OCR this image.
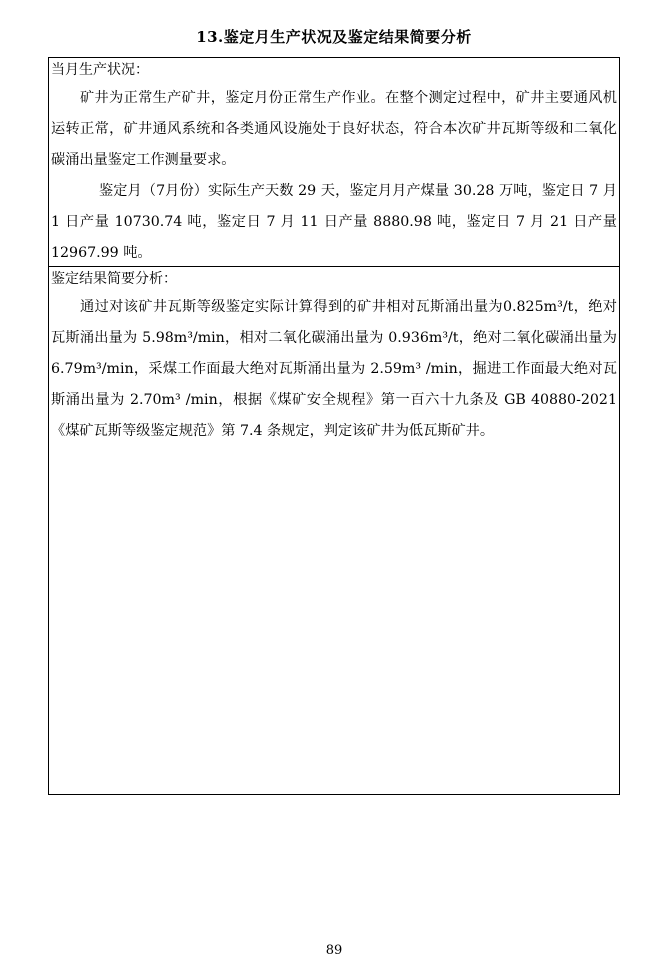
13.鉴定月生产状况及鉴定结果简要分析
当月生产状况：

矿井为正常生产矿井，鉴定月份正常生产作业。在整个测定过程中，矿井主要通风机运转正常，矿井通风系统和各类通风设施处于良好状态，符合本次矿井瓦斯等级和二氧化碳涌出量鉴定工作测量要求。

鉴定月（7月份）实际生产天数 29 天，鉴定月月产煤量 30.28 万吨，鉴定日 7 月 1 日产量 10730.74 吨，鉴定日 7 月 11 日产量 8880.98 吨，鉴定日 7 月 21 日产量 12967.99 吨。

鉴定结果简要分析：

通过对该矿井瓦斯等级鉴定实际计算得到的矿井相对瓦斯涌出量为0.825m³/t，绝对瓦斯涌出量为 5.98m³/min，相对二氧化碳涌出量为 0.936m³/t，绝对二氧化碳涌出量为 6.79m³/min，采煤工作面最大绝对瓦斯涌出量为 2.59m³ /min，掘进工作面最大绝对瓦斯涌出量为 2.70m³ /min，根据《煤矿安全规程》第一百六十九条及 GB 40880-2021《煤矿瓦斯等级鉴定规范》第 7.4 条规定，判定该矿井为低瓦斯矿井。

89
